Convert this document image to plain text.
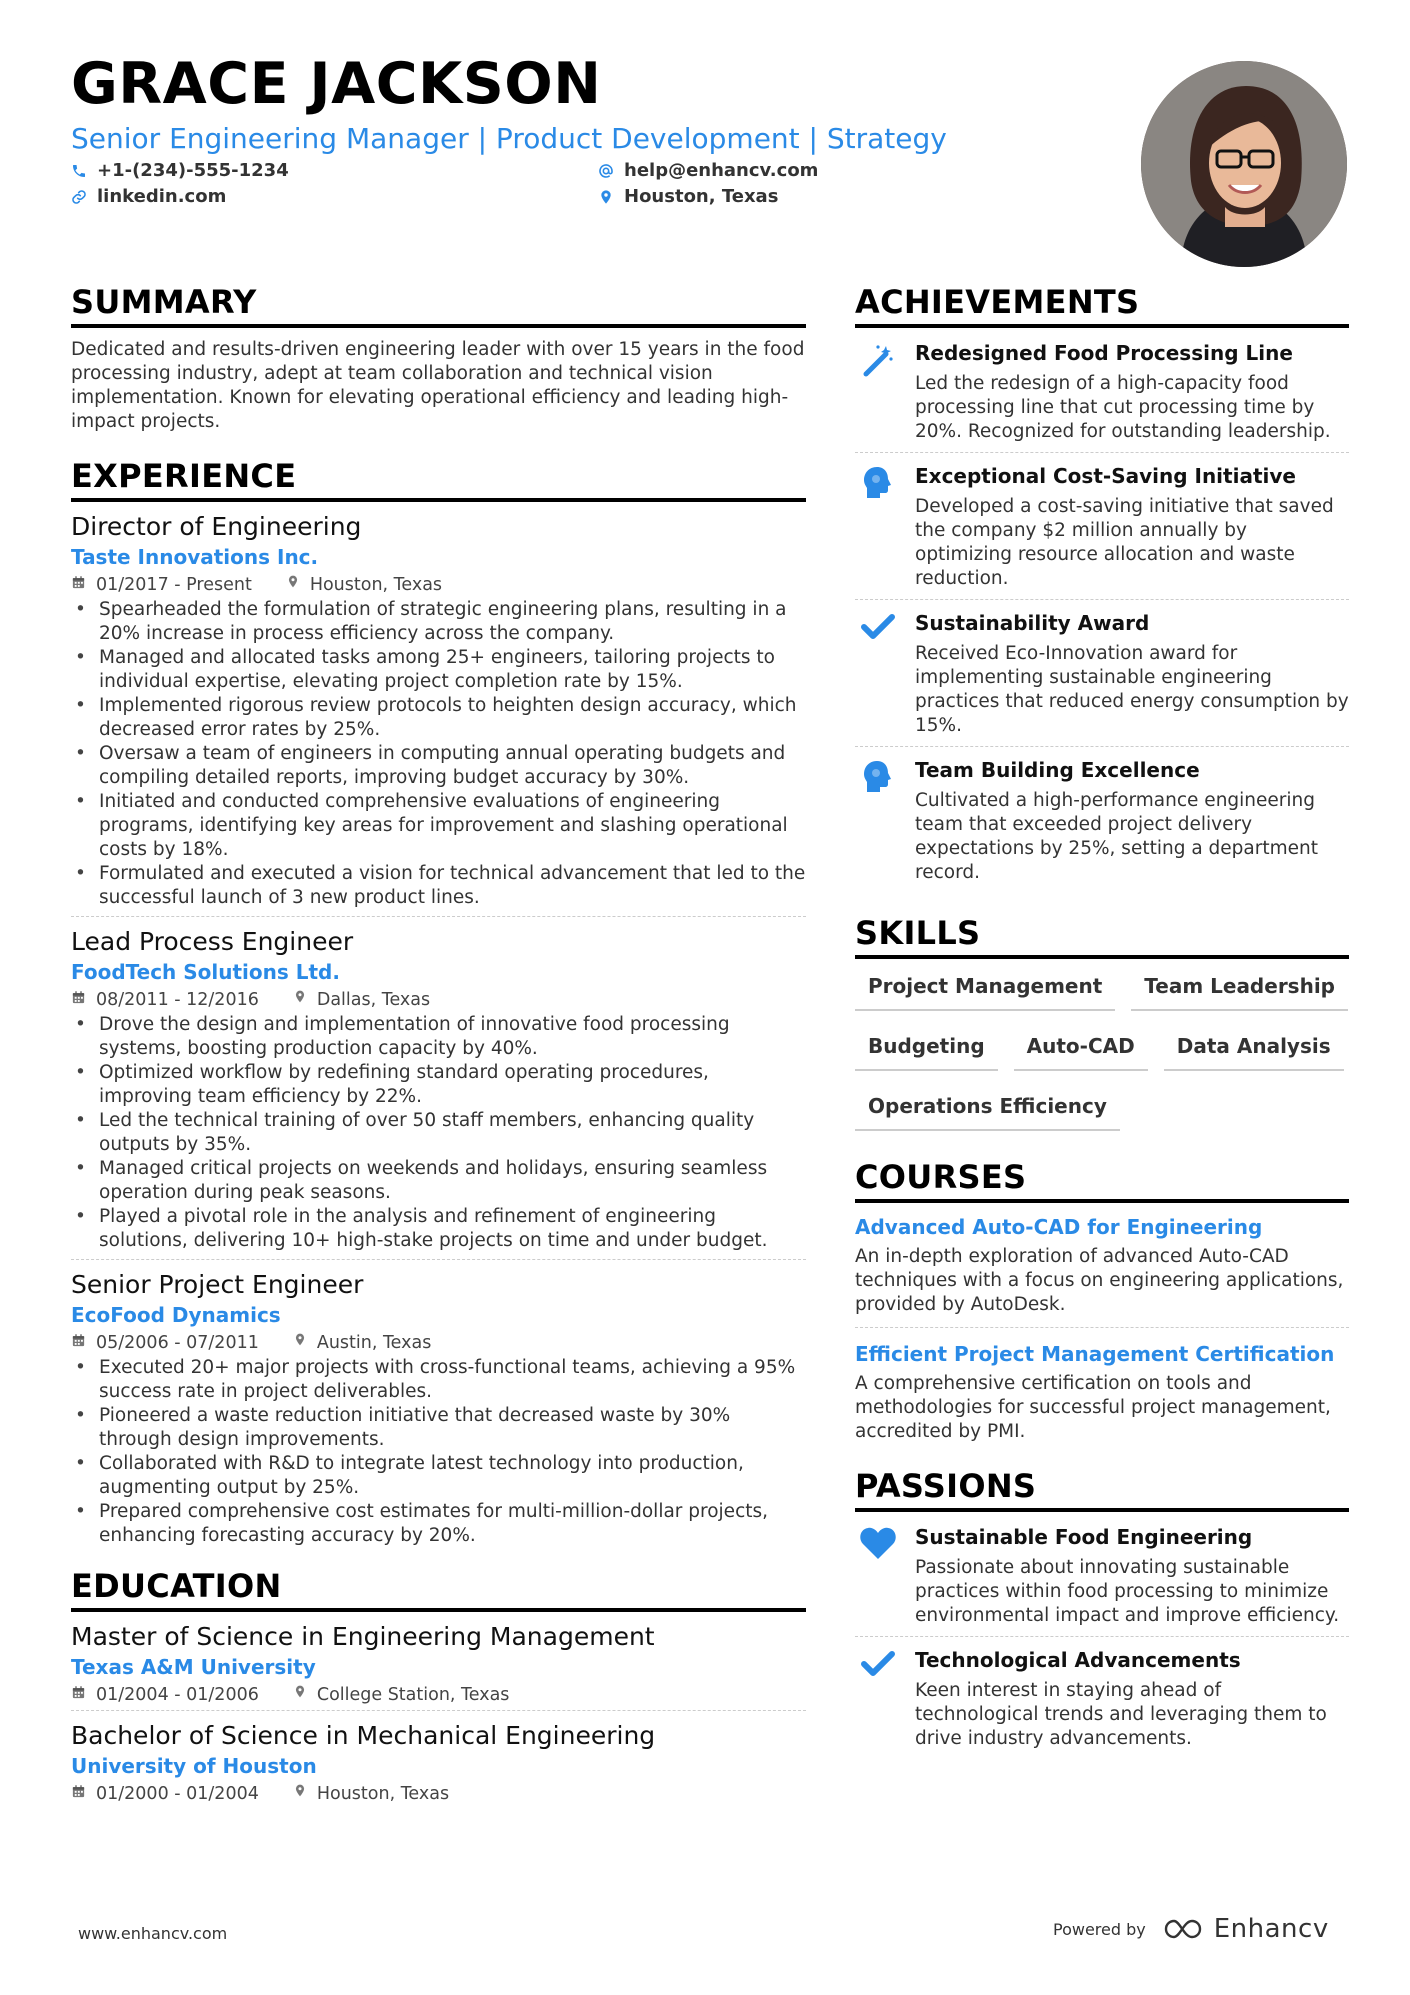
GRACE JACKSON
Senior Engineering Manager | Product Development | Strategy
+1-(234)-555-1234	help@enhancv.com
linkedin.com	Houston, Texas
SUMMARY
Dedicated and results-driven engineering leader with over 15 years in the food processing industry, adept at team collaboration and technical vision implementation. Known for elevating operational efficiency and leading high-impact projects.
EXPERIENCE
Director of Engineering
Taste Innovations Inc.
01/2017 - Present	Houston, Texas
• Spearheaded the formulation of strategic engineering plans, resulting in a 20% increase in process efficiency across the company.
• Managed and allocated tasks among 25+ engineers, tailoring projects to individual expertise, elevating project completion rate by 15%.
• Implemented rigorous review protocols to heighten design accuracy, which decreased error rates by 25%.
• Oversaw a team of engineers in computing annual operating budgets and compiling detailed reports, improving budget accuracy by 30%.
• Initiated and conducted comprehensive evaluations of engineering programs, identifying key areas for improvement and slashing operational costs by 18%.
• Formulated and executed a vision for technical advancement that led to the successful launch of 3 new product lines.
Lead Process Engineer
FoodTech Solutions Ltd.
08/2011 - 12/2016	Dallas, Texas
• Drove the design and implementation of innovative food processing systems, boosting production capacity by 40%.
• Optimized workflow by redefining standard operating procedures, improving team efficiency by 22%.
• Led the technical training of over 50 staff members, enhancing quality outputs by 35%.
• Managed critical projects on weekends and holidays, ensuring seamless operation during peak seasons.
• Played a pivotal role in the analysis and refinement of engineering solutions, delivering 10+ high-stake projects on time and under budget.
Senior Project Engineer
EcoFood Dynamics
05/2006 - 07/2011	Austin, Texas
• Executed 20+ major projects with cross-functional teams, achieving a 95% success rate in project deliverables.
• Pioneered a waste reduction initiative that decreased waste by 30% through design improvements.
• Collaborated with R&D to integrate latest technology into production, augmenting output by 25%.
• Prepared comprehensive cost estimates for multi-million-dollar projects, enhancing forecasting accuracy by 20%.
EDUCATION
Master of Science in Engineering Management
Texas A&M University
01/2004 - 01/2006	College Station, Texas
Bachelor of Science in Mechanical Engineering
University of Houston
01/2000 - 01/2004	Houston, Texas
ACHIEVEMENTS
Redesigned Food Processing Line
Led the redesign of a high-capacity food processing line that cut processing time by 20%. Recognized for outstanding leadership.
Exceptional Cost-Saving Initiative
Developed a cost-saving initiative that saved the company $2 million annually by optimizing resource allocation and waste reduction.
Sustainability Award
Received Eco-Innovation award for implementing sustainable engineering practices that reduced energy consumption by 15%.
Team Building Excellence
Cultivated a high-performance engineering team that exceeded project delivery expectations by 25%, setting a department record.
SKILLS
Project Management	Team Leadership
Budgeting	Auto-CAD	Data Analysis
Operations Efficiency
COURSES
Advanced Auto-CAD for Engineering
An in-depth exploration of advanced Auto-CAD techniques with a focus on engineering applications, provided by AutoDesk.
Efficient Project Management Certification
A comprehensive certification on tools and methodologies for successful project management, accredited by PMI.
PASSIONS
Sustainable Food Engineering
Passionate about innovating sustainable practices within food processing to minimize environmental impact and improve efficiency.
Technological Advancements
Keen interest in staying ahead of technological trends and leveraging them to drive industry advancements.
www.enhancv.com	Powered by	Enhancv
